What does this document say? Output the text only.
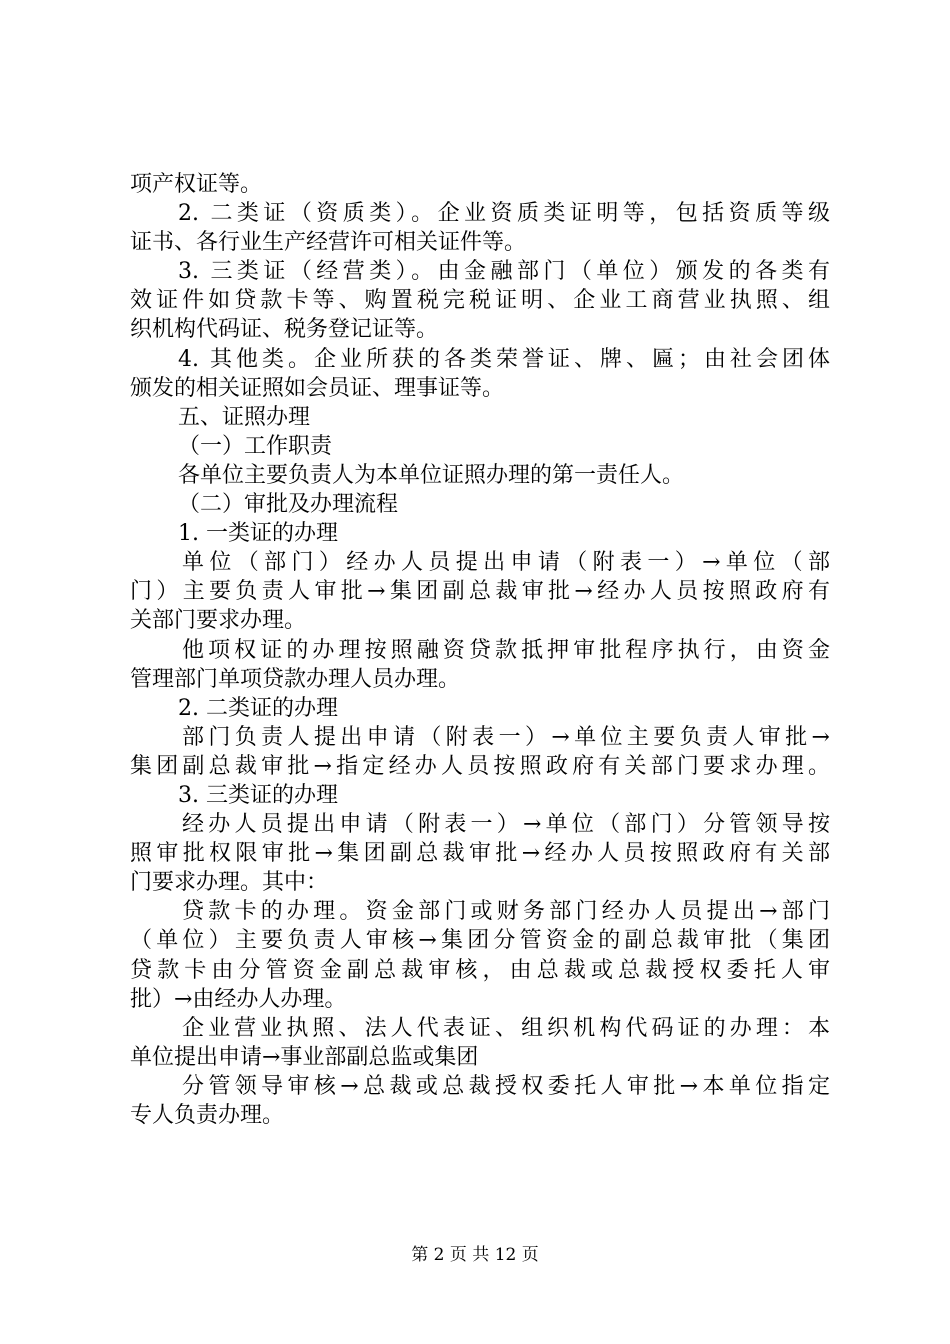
项产权证等。
2. 二类证（资质类）。企业资质类证明等，包括资质等级
证书、各行业生产经营许可相关证件等。
3. 三类证（经营类）。由金融部门（单位）颁发的各类有
效证件如贷款卡等、购置税完税证明、企业工商营业执照、组
织机构代码证、税务登记证等。
4. 其他类。企业所获的各类荣誉证、牌、匾；由社会团体
颁发的相关证照如会员证、理事证等。
五、证照办理
（一）工作职责
各单位主要负责人为本单位证照办理的第一责任人。
（二）审批及办理流程
1. 一类证的办理
单位（部门）经办人员提出申请（附表一）→单位（部
门）主要负责人审批→集团副总裁审批→经办人员按照政府有
关部门要求办理。
他项权证的办理按照融资贷款抵押审批程序执行，由资金
管理部门单项贷款办理人员办理。
2. 二类证的办理
部门负责人提出申请（附表一）→单位主要负责人审批→
集团副总裁审批→指定经办人员按照政府有关部门要求办理。
3. 三类证的办理
经办人员提出申请（附表一）→单位（部门）分管领导按
照审批权限审批→集团副总裁审批→经办人员按照政府有关部
门要求办理。其中：
贷款卡的办理。资金部门或财务部门经办人员提出→部门
（单位）主要负责人审核→集团分管资金的副总裁审批（集团
贷款卡由分管资金副总裁审核，由总裁或总裁授权委托人审
批）→由经办人办理。
企业营业执照、法人代表证、组织机构代码证的办理：本
单位提出申请→事业部副总监或集团
分管领导审核→总裁或总裁授权委托人审批→本单位指定
专人负责办理。
第 2 页 共 12 页
